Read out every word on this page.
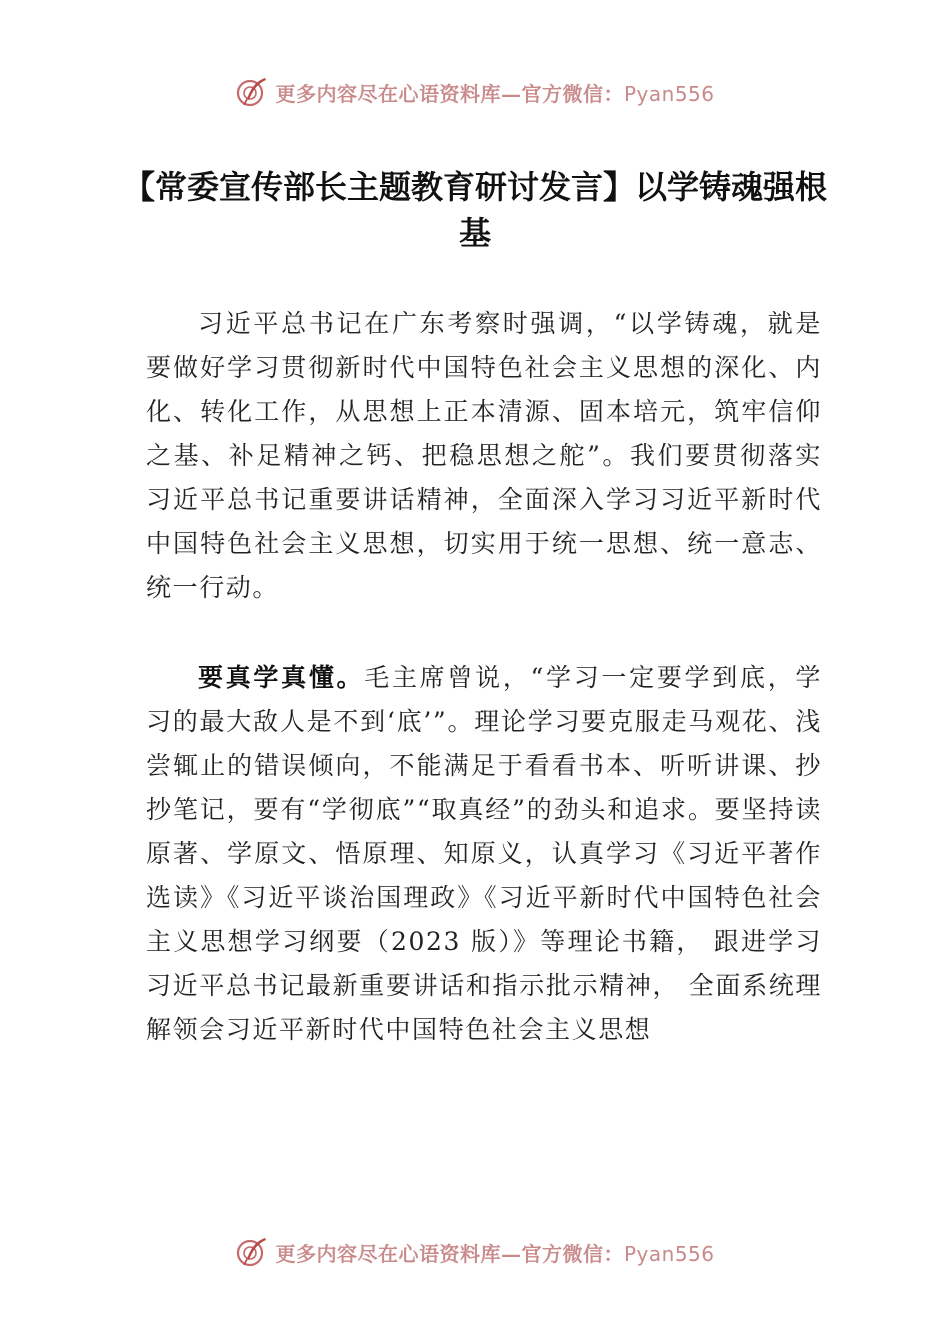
更多内容尽在心语资料库—官方微信：Pyan556
【常委宣传部长主题教育研讨发言】以学铸魂强根基

习近平总书记在广东考察时强调，“以学铸魂，就是要做好学习贯彻新时代中国特色社会主义思想的深化、内化、转化工作，从思想上正本清源、固本培元，筑牢信仰之基、补足精神之钙、把稳思想之舵”。我们要贯彻落实习近平总书记重要讲话精神，全面深入学习习近平新时代中国特色社会主义思想，切实用于统一思想、统一意志、统一行动。

要真学真懂。毛主席曾说，“学习一定要学到底，学习的最大敌人是不到‘底’”。理论学习要克服走马观花、浅尝辄止的错误倾向，不能满足于看看书本、听听讲课、抄抄笔记，要有“学彻底”“取真经”的劲头和追求。要坚持读原著、学原文、悟原理、知原义，认真学习《习近平著作选读》《习近平谈治国理政》《习近平新时代中国特色社会主义思想学习纲要（2023 版）》等理论书籍， 跟进学习习近平总书记最新重要讲话和指示批示精神， 全面系统理解领会习近平新时代中国特色社会主义思想

更多内容尽在心语资料库—官方微信：Pyan556
